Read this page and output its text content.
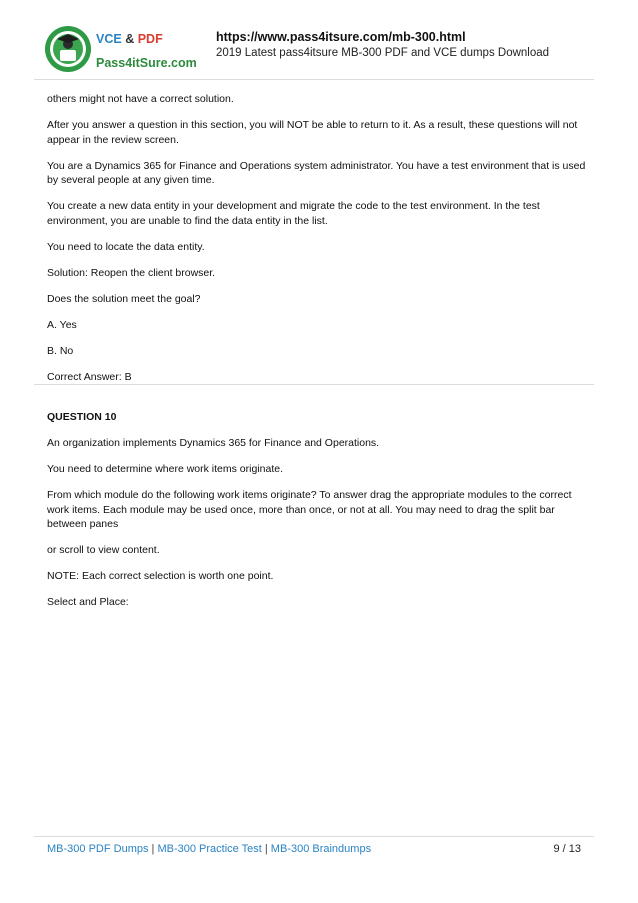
VCE & PDF
Pass4itSure.com
https://www.pass4itsure.com/mb-300.html
2019 Latest pass4itsure MB-300 PDF and VCE dumps Download

others might not have a correct solution.

After you answer a question in this section, you will NOT be able to return to it. As a result, these questions will not appear in the review screen.

You are a Dynamics 365 for Finance and Operations system administrator. You have a test environment that is used by several people at any given time.

You create a new data entity in your development and migrate the code to the test environment. In the test environment, you are unable to find the data entity in the list.

You need to locate the data entity.

Solution: Reopen the client browser.

Does the solution meet the goal?

A. Yes

B. No

Correct Answer: B

QUESTION 10

An organization implements Dynamics 365 for Finance and Operations.

You need to determine where work items originate.

From which module do the following work items originate? To answer drag the appropriate modules to the correct work items. Each module may be used once, more than once, or not at all. You may need to drag the split bar between panes

or scroll to view content.

NOTE: Each correct selection is worth one point.

Select and Place:

MB-300 PDF Dumps | MB-300 Practice Test | MB-300 Braindumps	9 / 13
